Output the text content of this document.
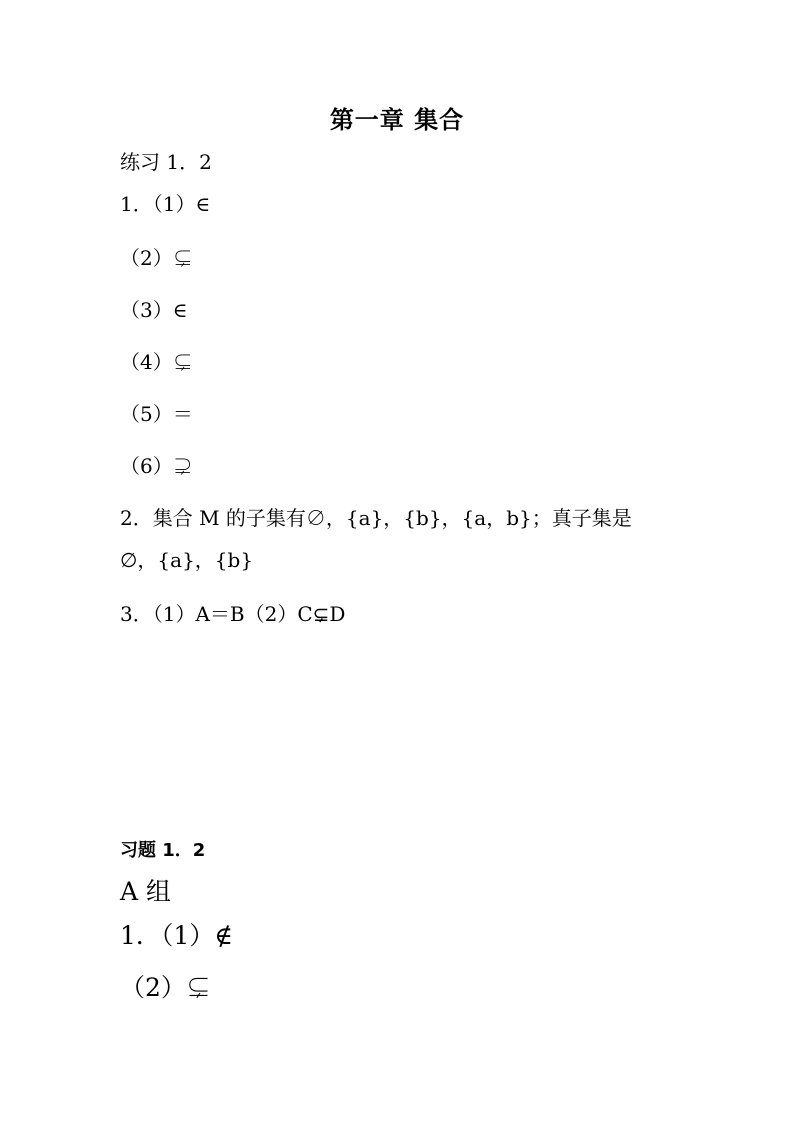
第一章 集合
练习 1．2
1．（1）∈
（2）⊊
（3）∈
（4）⊊
（5）＝
（6）⊋
2．集合 M 的子集有∅，{a}，{b}，{a，b}；真子集是
∅，{a}，{b}
3．（1）A＝B（2）C⊊D
习题 1．2
A 组
1．（1）∉
（2）⊊
